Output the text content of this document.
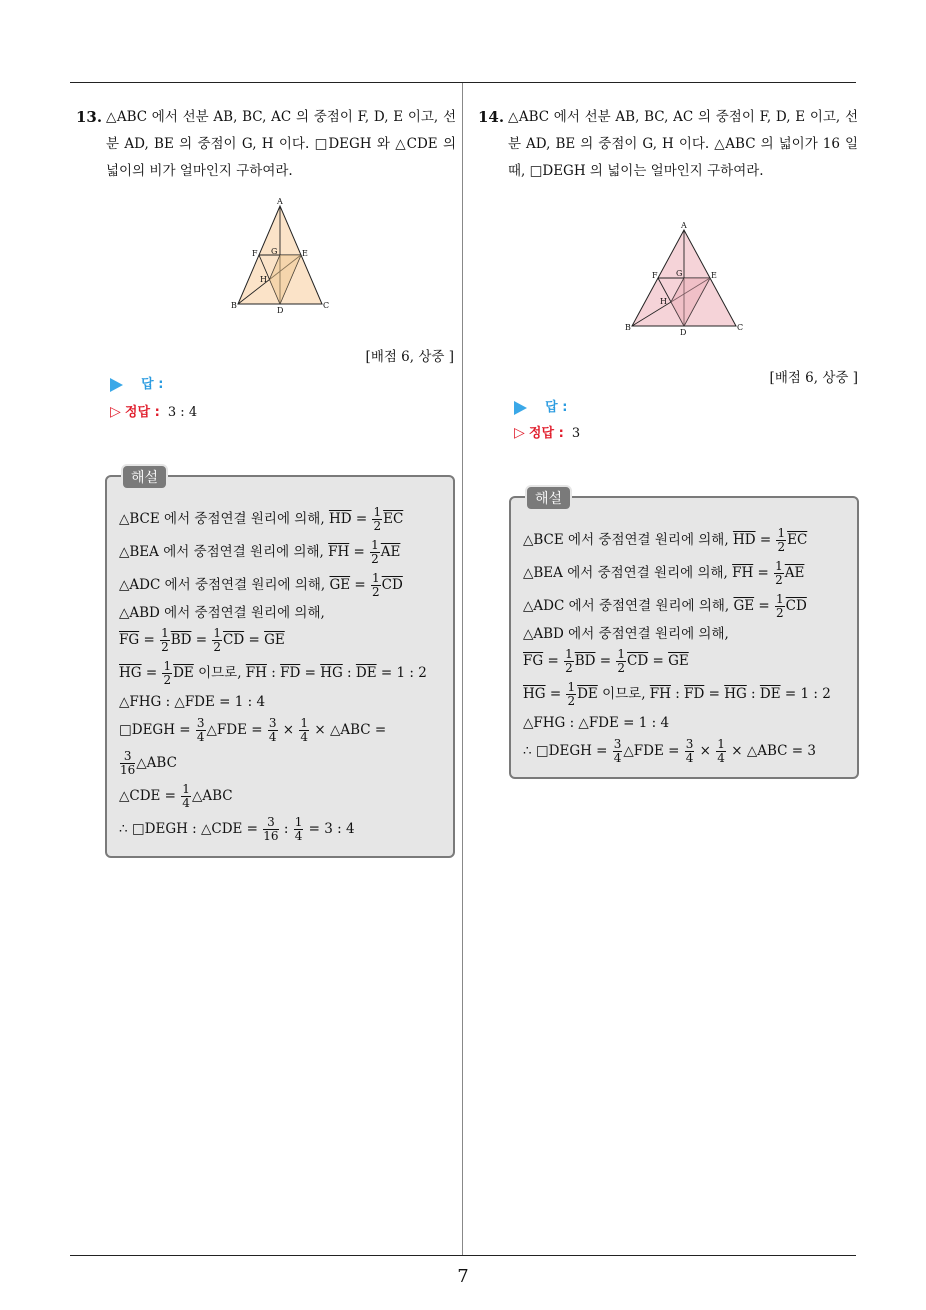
13. △ABC 에서 선분 AB, BC, AC 의 중점이 F, D, E 이고, 선분 AD, BE 의 중점이 G, H 이다. □DEGH 와 △CDE 의 넓이의 비가 얼마인지 구하여라.
A
F G	E
H
B
D
C
[배점 6, 상중 ]
답 :
▷ 정답 : 3 : 4
해설
△BCE 에서 중점연결 원리에 의해, $\overline{HD} = \frac{1}{2} \overline{EC}$
△BEA 에서 중점연결 원리에 의해, $\overline{FH} = \frac{1}{2} \overline{AE}$
△ADC 에서 중점연결 원리에 의해, $\overline{GE} = \frac{1}{2} \overline{CD}$
△ABD 에서 중점연결 원리에 의해,
$\overline{FG} = \frac{1}{2} \overline{BD} = \frac{1}{2} \overline{CD} = \overline{GE}$
$\overline{HG} = \frac{1}{2} \overline{DE}$ 이므로, $\overline{FH}$ : $\overline{FD} = \overline{HG}$ : $\overline{DE} = 1$ : 2
△FHG : △FDE = 1 : 4
□DEGH = $\frac{3}{4}$ △FDE = $\frac{3}{4} \times \frac{1}{4}$ × △ABC =
$\frac{3}{16}$ △ABC
△CDE = $\frac{1}{4}$ △ABC
∴ □DEGH : △CDE = $\frac{3}{16}$ : $\frac{1}{4} = 3$ : 4
14. △ABC 에서 선분 AB, BC, AC 의 중점이 F, D, E 이고, 선분 AD, BE 의 중점이 G, H 이다. △ABC 의 넓이가 16 일 때, □DEGH 의 넓이는 얼마인지 구하여라.
A
F G	E
H
B
D
C
[배점 6, 상중 ]
답 :
▷ 정답 : 3
해설
△BCE 에서 중점연결 원리에 의해, $\overline{HD} = \frac{1}{2} \overline{EC}$
△BEA 에서 중점연결 원리에 의해, $\overline{FH} = \frac{1}{2} \overline{AE}$
△ADC 에서 중점연결 원리에 의해, $\overline{GE} = \frac{1}{2} \overline{CD}$
△ABD 에서 중점연결 원리에 의해,
$\overline{FG} = \frac{1}{2} \overline{BD} = \frac{1}{2} \overline{CD} = \overline{GE}$
$\overline{HG} = \frac{1}{2} \overline{DE}$ 이므로, $\overline{FH}$ : $\overline{FD} = \overline{HG}$ : $\overline{DE} = 1$ : 2
△FHG : △FDE = 1 : 4
∴ □DEGH = $\frac{3}{4}$ △FDE = $\frac{3}{4} \times \frac{1}{4}$ × △ABC = 3
7
